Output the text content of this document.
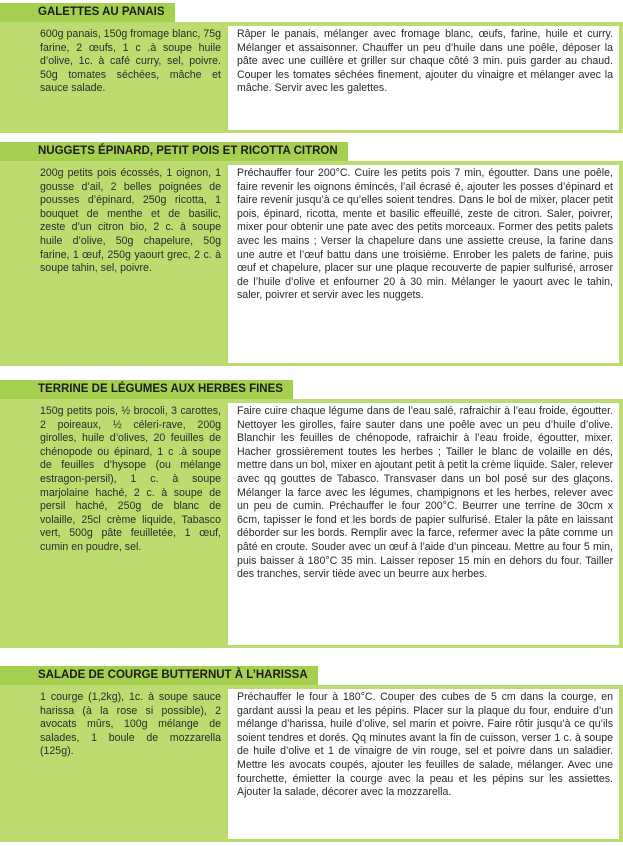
GALETTES AU PANAIS
600g panais, 150g fromage blanc, 75g farine, 2 œufs, 1 c .à soupe huile d’olive, 1c. à café curry, sel, poivre. 50g tomates séchées, mâche et sauce salade.
Râper le panais, mélanger avec fromage blanc, œufs, farine, huile et curry. Mélanger et assaisonner. Chauffer un peu d’huile dans une poêle, déposer la pâte avec une cuillère et griller sur chaque côté 3 min. puis garder au chaud. Couper les tomates séchées finement, ajouter du vinaigre et mélanger avec la mâche. Servir avec les galettes.
NUGGETS ÉPINARD, PETIT POIS ET RICOTTA CITRON
200g petits pois écossés, 1 oignon, 1 gousse d’ail, 2 belles poignées de pousses d’épinard, 250g ricotta, 1 bouquet de menthe et de basilic, zeste d’un citron bio, 2 c. à soupe huile d’olive, 50g chapelure, 50g farine, 1 œuf, 250g yaourt grec, 2 c. à soupe tahin, sel, poivre.
Préchauffer four 200°C. Cuire les petits pois 7 min, égoutter. Dans une poêle, faire revenir les oignons émincés, l’ail écrasé é, ajouter les posses d’épinard et faire revenir jusqu’à ce qu’elles soient tendres. Dans le bol de mixer, placer petit pois, épinard, ricotta, mente et basilic effeuillé, zeste de citron. Saler, poivrer, mixer pour obtenir une pate avec des petits morceaux. Former des petits palets avec les mains ; Verser la chapelure dans une assiette creuse, la farine dans une autre et l’œuf battu dans une troisième. Enrober les palets de farine, puis œuf et chapelure, placer sur une plaque recouverte de papier sulfurisé, arroser de l’huile d’olive et enfourner 20 à 30 min. Mélanger le yaourt avec le tahin, saler, poivrer et servir avec les nuggets.
TERRINE DE LÉGUMES AUX HERBES FINES
150g petits pois, ½ brocoli, 3 carottes, 2 poireaux, ½ céleri-rave, 200g girolles, huile d’olives, 20 feuilles de chénopode ou épinard, 1 c .à soupe de feuilles d’hysope (ou mélange estragon-persil), 1 c. à soupe marjolaine haché, 2 c. à soupe de persil haché, 250g de blanc de volaille, 25cl crème liquide, Tabasco vert, 500g pâte feuilletée, 1 œuf, cumin en poudre, sel.
Faire cuire chaque légume dans de l’eau salé, rafraichir à l’eau froide, égoutter. Nettoyer les girolles, faire sauter dans une poêle avec un peu d’huile d’olive. Blanchir les feuilles de chénopode, rafraichir à l’eau froide, égoutter, mixer. Hacher grossièrement toutes les herbes ; Tailler le blanc de volaille en dés, mettre dans un bol, mixer en ajoutant petit à petit la crème liquide. Saler, relever avec qq gouttes de Tabasco. Transvaser dans un bol posé sur des glaçons. Mélanger la farce avec les légumes, champignons et les herbes, relever avec un peu de cumin. Préchauffer le four 200°C. Beurrer une terrine de 30cm x 6cm, tapisser le fond et les bords de papier sulfurisé. Etaler la pâte en laissant déborder sur les bords. Remplir avec la farce, refermer avec la pâte comme un pâté en croute. Souder avec un œuf à l’aide d’un pinceau. Mettre au four 5 min, puis baisser à 180°C 35 min. Laisser reposer 15 min en dehors du four. Tailler des tranches, servir tiède avec un beurre aux herbes.
SALADE DE COURGE BUTTERNUT À L’HARISSA
1 courge (1,2kg), 1c. à soupe sauce harissa (à la rose si possible), 2 avocats mûrs, 100g mélange de salades, 1 boule de mozzarella (125g).
Préchauffer le four à 180°C. Couper des cubes de 5 cm dans la courge, en gardant aussi la peau et les pépins. Placer sur la plaque du four, enduire d’un mélange d’harissa, huile d’olive, sel marin et poivre. Faire rôtir jusqu’à ce qu’ils soient tendres et dorés. Qq minutes avant la fin de cuisson, verser 1 c. à soupe de huile d’olive et 1 de vinaigre de vin rouge, sel et poivre dans un saladier. Mettre les avocats coupés, ajouter les feuilles de salade, mélanger. Avec une fourchette, émietter la courge avec la peau et les pépins sur les assiettes. Ajouter la salade, décorer avec la mozzarella.
